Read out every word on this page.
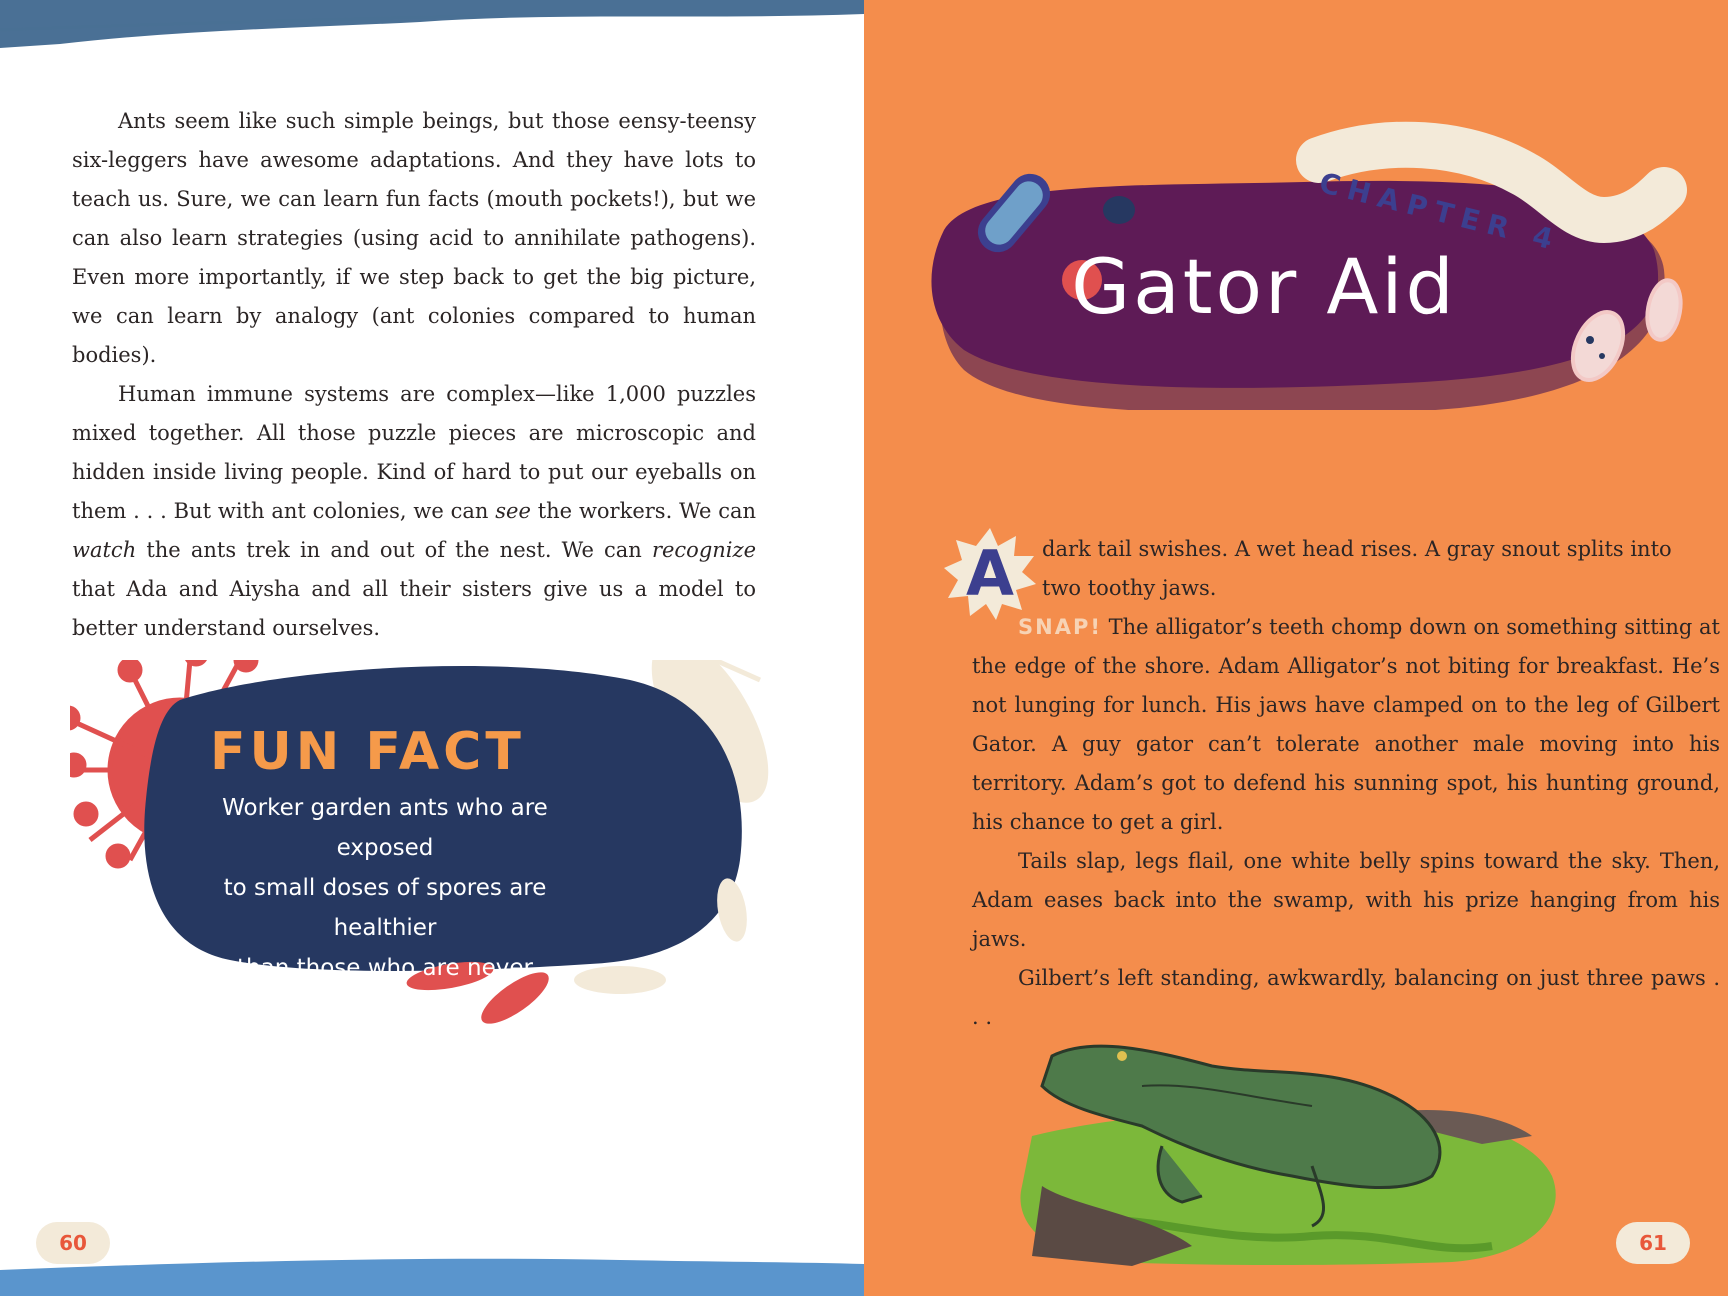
Ants seem like such simple beings, but those eensy-teensy six-leggers have awesome adaptations. And they have lots to teach us. Sure, we can learn fun facts (mouth pockets!), but we can also learn strategies (using acid to annihilate pathogens). Even more importantly, if we step back to get the big picture, we can learn by analogy (ant colonies compared to human bodies).

Human immune systems are complex—like 1,000 puzzles mixed together. All those puzzle pieces are microscopic and hidden inside living people. Kind of hard to put our eyeballs on them . . . But with ant colonies, we can see the workers. We can watch the ants trek in and out of the nest. We can recognize that Ada and Aiysha and all their sisters give us a model to better understand ourselves.

FUN FACT

Worker garden ants who are exposed
to small doses of spores are healthier
than those who are never exposed.
It's ant vaccination!

60

CHAPTER 4

Gator Aid

A	dark tail swishes. A wet head rises. A gray snout splits into

two toothy jaws.

SNAP! The alligator’s teeth chomp down on something sitting at the edge of the shore. Adam Alligator’s not biting for breakfast. He’s not lunging for lunch. His jaws have clamped on to the leg of Gilbert Gator. A guy gator can’t tolerate another male moving into his territory. Adam’s got to defend his sunning spot, his hunting ground, his chance to get a girl.

Tails slap, legs flail, one white belly spins toward the sky. Then, Adam eases back into the swamp, with his prize hanging from his jaws.

Gilbert’s left standing, awkwardly, balancing on just three paws . . .

61
